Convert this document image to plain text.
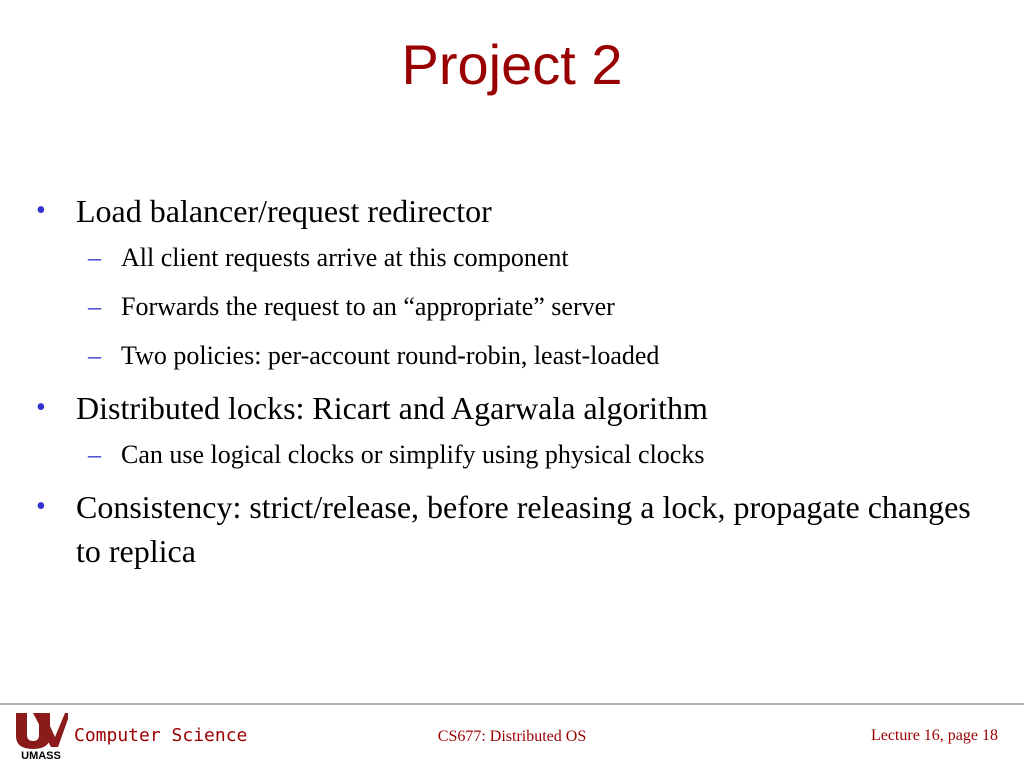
Project 2
• Load balancer/request redirector
– All client requests arrive at this component
– Forwards the request to an “appropriate” server
– Two policies: per-account round-robin, least-loaded
• Distributed locks: Ricart and Agarwala algorithm
– Can use logical clocks or simplify using physical clocks
• Consistency: strict/release, before releasing a lock, propagate changes to replica
UMASS
Computer Science	CS677: Distributed OS	Lecture 16, page 18
